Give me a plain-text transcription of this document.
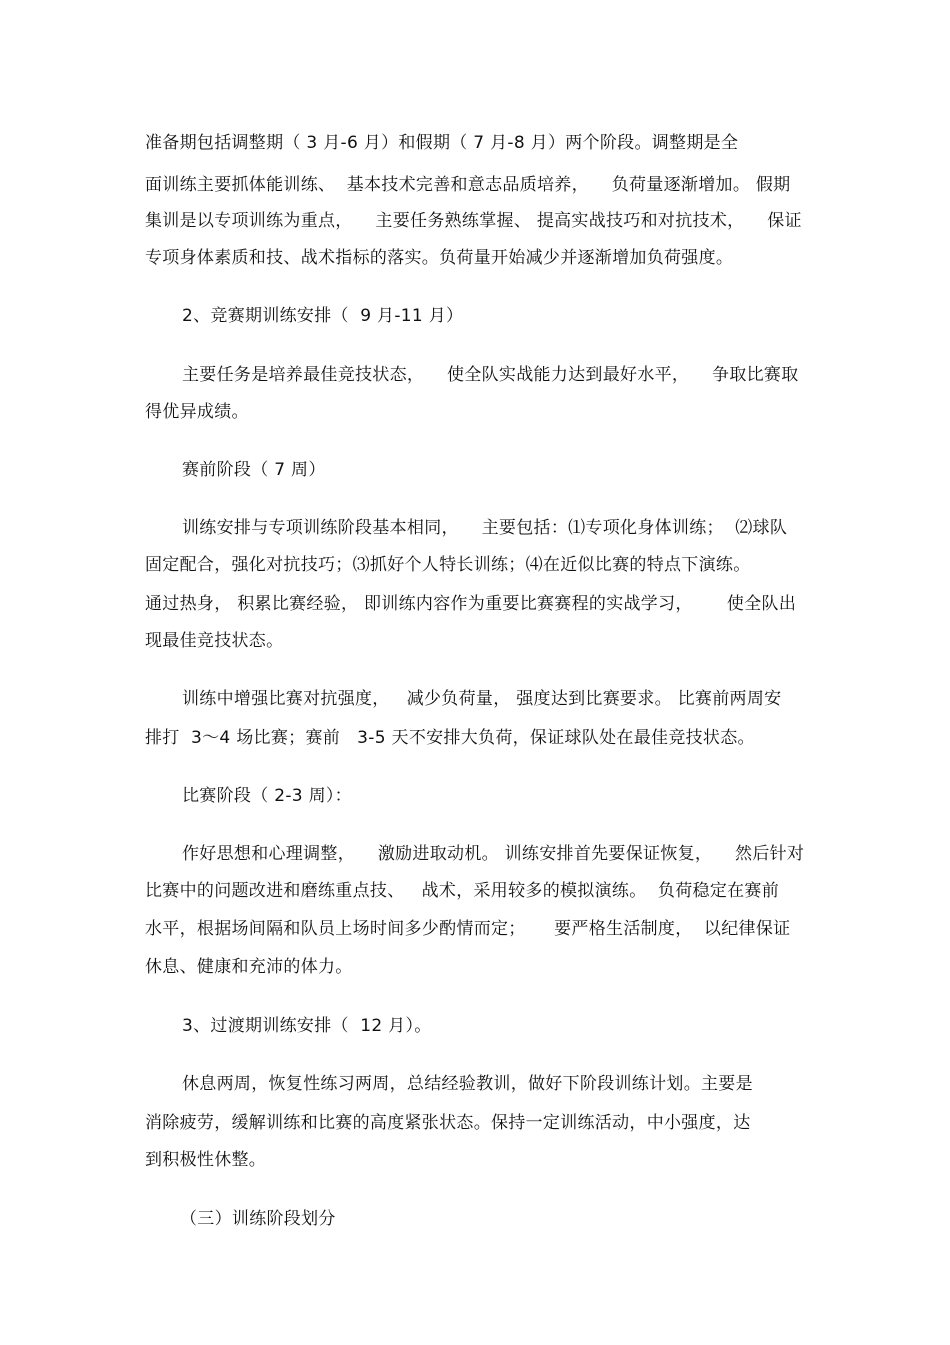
准备期包括调整期（ 3 月-6 月）和假期（ 7 月-8 月）两个阶段。调整期是全
面训练主要抓体能训练、  基本技术完善和意志品质培养，    负荷量逐渐增加。 假期
集训是以专项训练为重点，    主要任务熟练掌握、 提高实战技巧和对抗技术，    保证
专项身体素质和技、战术指标的落实。负荷量开始减少并逐渐增加负荷强度。
2、竞赛期训练安排（  9 月-11 月）
主要任务是培养最佳竞技状态，    使全队实战能力达到最好水平，    争取比赛取
得优异成绩。
赛前阶段（ 7 周）
训练安排与专项训练阶段基本相同，    主要包括：⑴专项化身体训练；  ⑵球队
固定配合，强化对抗技巧；⑶抓好个人特长训练；⑷在近似比赛的特点下演练。
通过热身， 积累比赛经验， 即训练内容作为重要比赛赛程的实战学习，      使全队出
现最佳竞技状态。
训练中增强比赛对抗强度，   减少负荷量， 强度达到比赛要求。 比赛前两周安
排打  3～4 场比赛；赛前   3-5 天不安排大负荷，保证球队处在最佳竞技状态。
比赛阶段（ 2-3 周）：
作好思想和心理调整，    激励进取动机。 训练安排首先要保证恢复，    然后针对
比赛中的问题改进和磨练重点技、   战术，采用较多的模拟演练。  负荷稳定在赛前
水平，根据场间隔和队员上场时间多少酌情而定；     要严格生活制度，  以纪律保证
休息、健康和充沛的体力。
3、过渡期训练安排（  12 月）。
休息两周，恢复性练习两周，总结经验教训，做好下阶段训练计划。主要是
消除疲劳，缓解训练和比赛的高度紧张状态。保持一定训练活动，中小强度，达
到积极性休整。
（三）训练阶段划分
